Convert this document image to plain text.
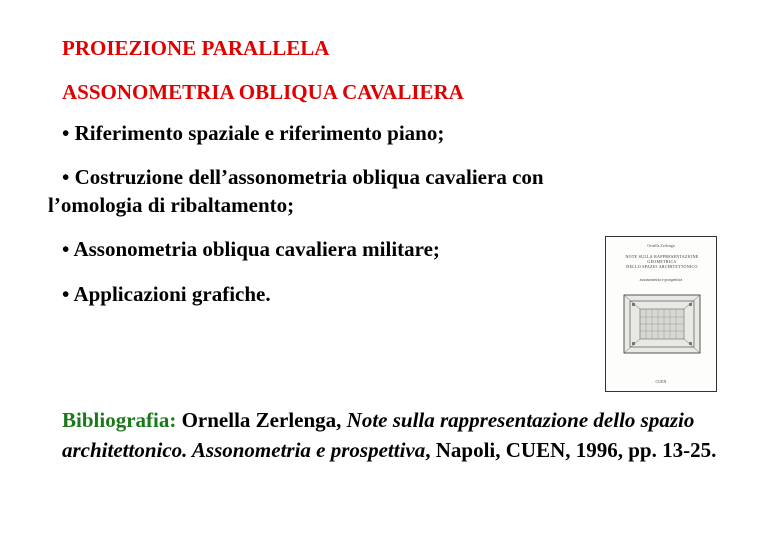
PROIEZIONE PARALLELA

ASSONOMETRIA OBLIQUA CAVALIERA

• Riferimento spaziale e riferimento piano;

• Costruzione dell’assonometria obliqua cavaliera con
l’omologia di ribaltamento;

• Assonometria obliqua cavaliera militare;

• Applicazioni grafiche.

Ornella Zerlenga
NOTE SULLA RAPPRESENTAZIONE
GEOMETRICA
DELLO SPAZIO ARCHITETTONICO
assonometria e prospettiva
CUEN

Bibliografia: Ornella Zerlenga, Note sulla rappresentazione dello spazio architettonico. Assonometria e prospettiva, Napoli, CUEN, 1996, pp. 13-25.
